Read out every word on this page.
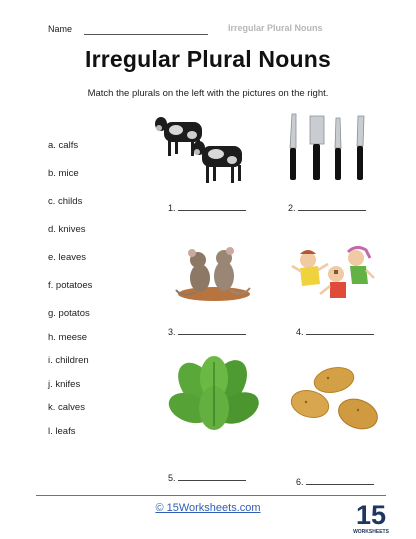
Name	Irregular Plural Nouns
Irregular Plural Nouns
Match the plurals on the left with the pictures on the right.
a. calfs
b. mice
c. childs
d. knives
e. leaves
f. potatoes
g. potatos
h. meese
i. children
j. knifes
k. calves
l. leafs
1.	2.
3.	4.
5.	6.
© 15Worksheets.com	15
WORKSHEETS
